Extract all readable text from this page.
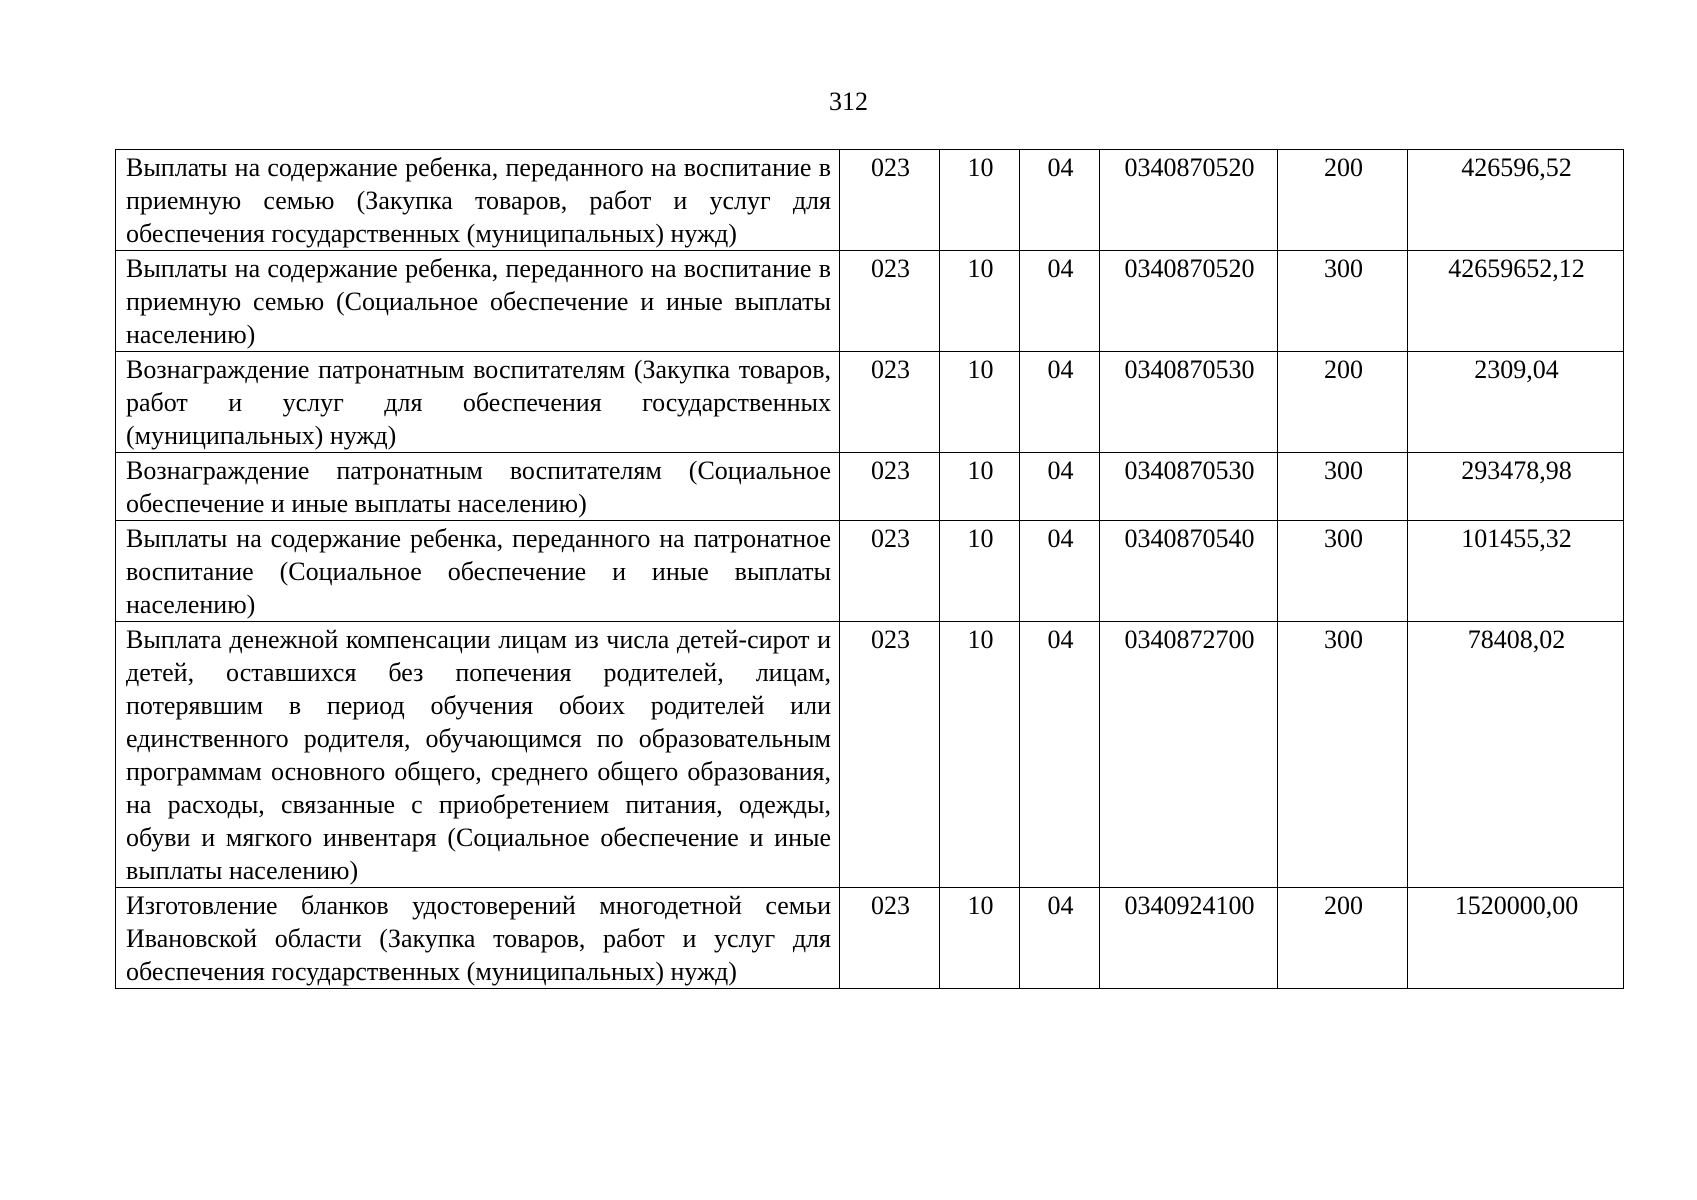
312
Выплаты на содержание ребенка, переданного на воспитание в приемную семью (Закупка товаров, работ и услуг для обеспечения государственных (муниципальных) нужд)	023	10	04	0340870520	200	426596,52
Выплаты на содержание ребенка, переданного на воспитание в приемную семью (Социальное обеспечение и иные выплаты населению)	023	10	04	0340870520	300	42659652,12
Вознаграждение патронатным воспитателям (Закупка товаров, работ и услуг для обеспечения государственных (муниципальных) нужд)	023	10	04	0340870530	200	2309,04
Вознаграждение патронатным воспитателям (Социальное обеспечение и иные выплаты населению)	023	10	04	0340870530	300	293478,98
Выплаты на содержание ребенка, переданного на патронатное воспитание (Социальное обеспечение и иные выплаты населению)	023	10	04	0340870540	300	101455,32
Выплата денежной компенсации лицам из числа детей-сирот и детей, оставшихся без попечения родителей, лицам, потерявшим в период обучения обоих родителей или единственного родителя, обучающимся по образовательным программам основного общего, среднего общего образования, на расходы, связанные с приобретением питания, одежды, обуви и мягкого инвентаря (Социальное обеспечение и иные выплаты населению)	023	10	04	0340872700	300	78408,02
Изготовление бланков удостоверений многодетной семьи Ивановской области (Закупка товаров, работ и услуг для обеспечения государственных (муниципальных) нужд)	023	10	04	0340924100	200	1520000,00
